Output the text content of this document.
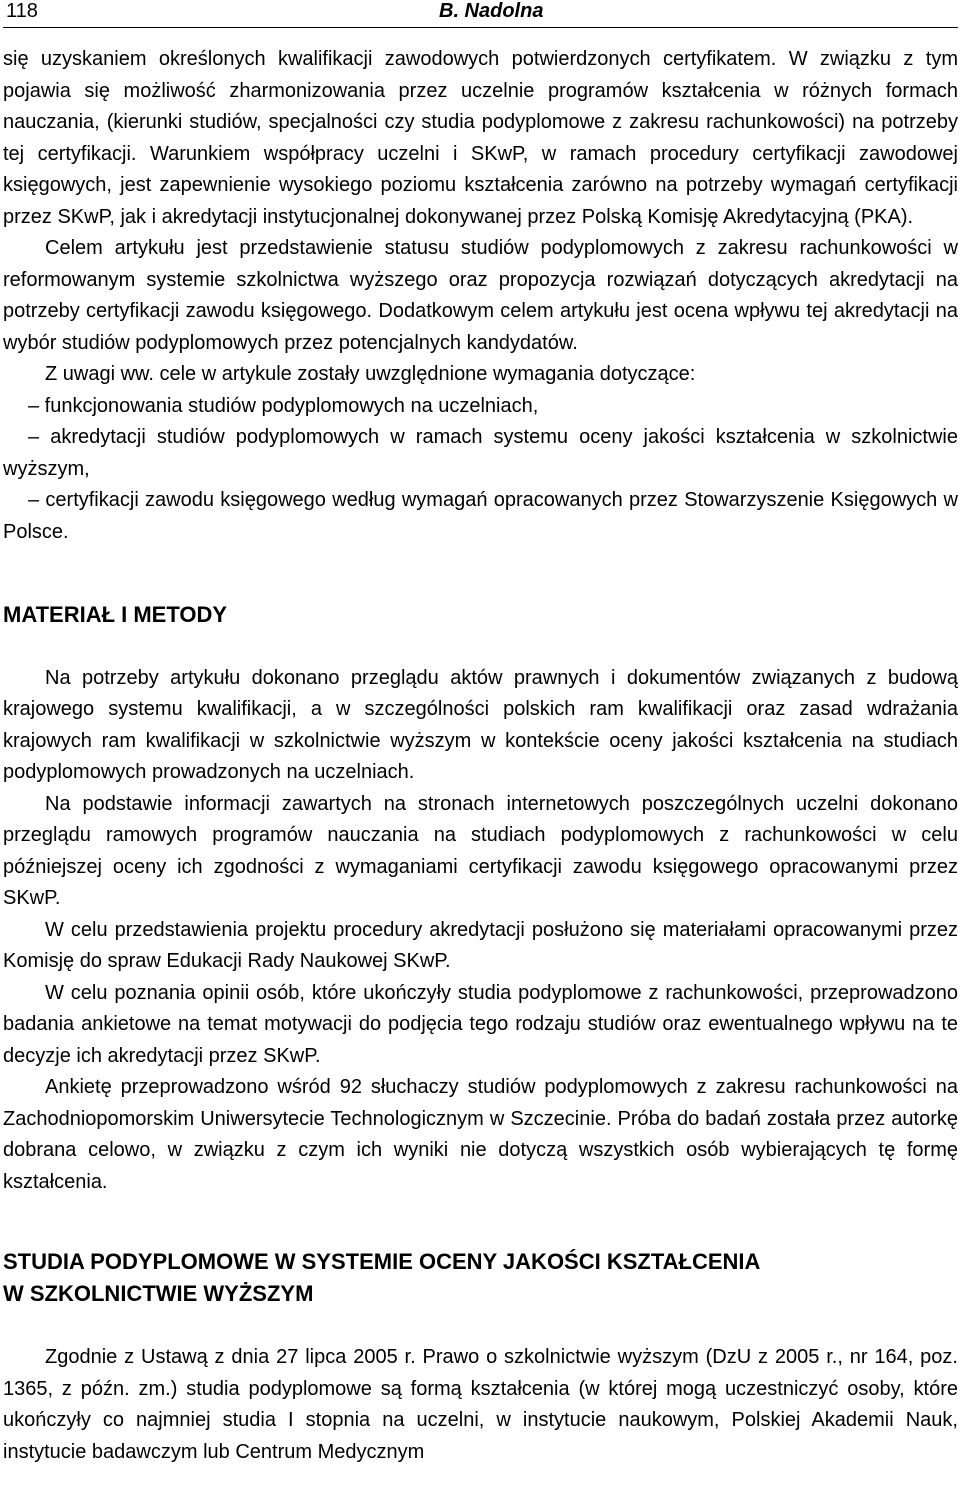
118	B. Nadolna

się uzyskaniem określonych kwalifikacji zawodowych potwierdzonych certyfikatem. W związku z tym pojawia się możliwość zharmonizowania przez uczelnie programów kształcenia w różnych formach nauczania, (kierunki studiów, specjalności czy studia podyplomowe z zakresu rachunkowości) na potrzeby tej certyfikacji. Warunkiem współpracy uczelni i SKwP, w ramach procedury certyfikacji zawodowej księgowych, jest zapewnienie wysokiego poziomu kształcenia zarówno na potrzeby wymagań certyfikacji przez SKwP, jak i akredytacji instytucjonalnej dokonywanej przez Polską Komisję Akredytacyjną (PKA).

Celem artykułu jest przedstawienie statusu studiów podyplomowych z zakresu rachunkowości w reformowanym systemie szkolnictwa wyższego oraz propozycja rozwiązań dotyczących akredytacji na potrzeby certyfikacji zawodu księgowego. Dodatkowym celem artykułu jest ocena wpływu tej akredytacji na wybór studiów podyplomowych przez potencjalnych kandydatów.

Z uwagi ww. cele w artykule zostały uwzględnione wymagania dotyczące:

– funkcjonowania studiów podyplomowych na uczelniach,

– akredytacji studiów podyplomowych w ramach systemu oceny jakości kształcenia w szkolnictwie wyższym,

– certyfikacji zawodu księgowego według wymagań opracowanych przez Stowarzyszenie Księgowych w Polsce.

MATERIAŁ I METODY

Na potrzeby artykułu dokonano przeglądu aktów prawnych i dokumentów związanych z budową krajowego systemu kwalifikacji, a w szczególności polskich ram kwalifikacji oraz zasad wdrażania krajowych ram kwalifikacji w szkolnictwie wyższym w kontekście oceny jakości kształcenia na studiach podyplomowych prowadzonych na uczelniach.

Na podstawie informacji zawartych na stronach internetowych poszczególnych uczelni dokonano przeglądu ramowych programów nauczania na studiach podyplomowych z rachunkowości w celu późniejszej oceny ich zgodności z wymaganiami certyfikacji zawodu księgowego opracowanymi przez SKwP.

W celu przedstawienia projektu procedury akredytacji posłużono się materiałami opracowanymi przez Komisję do spraw Edukacji Rady Naukowej SKwP.

W celu poznania opinii osób, które ukończyły studia podyplomowe z rachunkowości, przeprowadzono badania ankietowe na temat motywacji do podjęcia tego rodzaju studiów oraz ewentualnego wpływu na te decyzje ich akredytacji przez SKwP.

Ankietę przeprowadzono wśród 92 słuchaczy studiów podyplomowych z zakresu rachunkowości na Zachodniopomorskim Uniwersytecie Technologicznym w Szczecinie. Próba do badań została przez autorkę dobrana celowo, w związku z czym ich wyniki nie dotyczą wszystkich osób wybierających tę formę kształcenia.

STUDIA PODYPLOMOWE W SYSTEMIE OCENY JAKOŚCI KSZTAŁCENIA
W SZKOLNICTWIE WYŻSZYM

Zgodnie z Ustawą z dnia 27 lipca 2005 r. Prawo o szkolnictwie wyższym (DzU z 2005 r., nr 164, poz. 1365, z późn. zm.) studia podyplomowe są formą kształcenia (w której mogą uczestniczyć osoby, które ukończyły co najmniej studia I stopnia na uczelni, w instytucie naukowym, Polskiej Akademii Nauk, instytucie badawczym lub Centrum Medycznym
